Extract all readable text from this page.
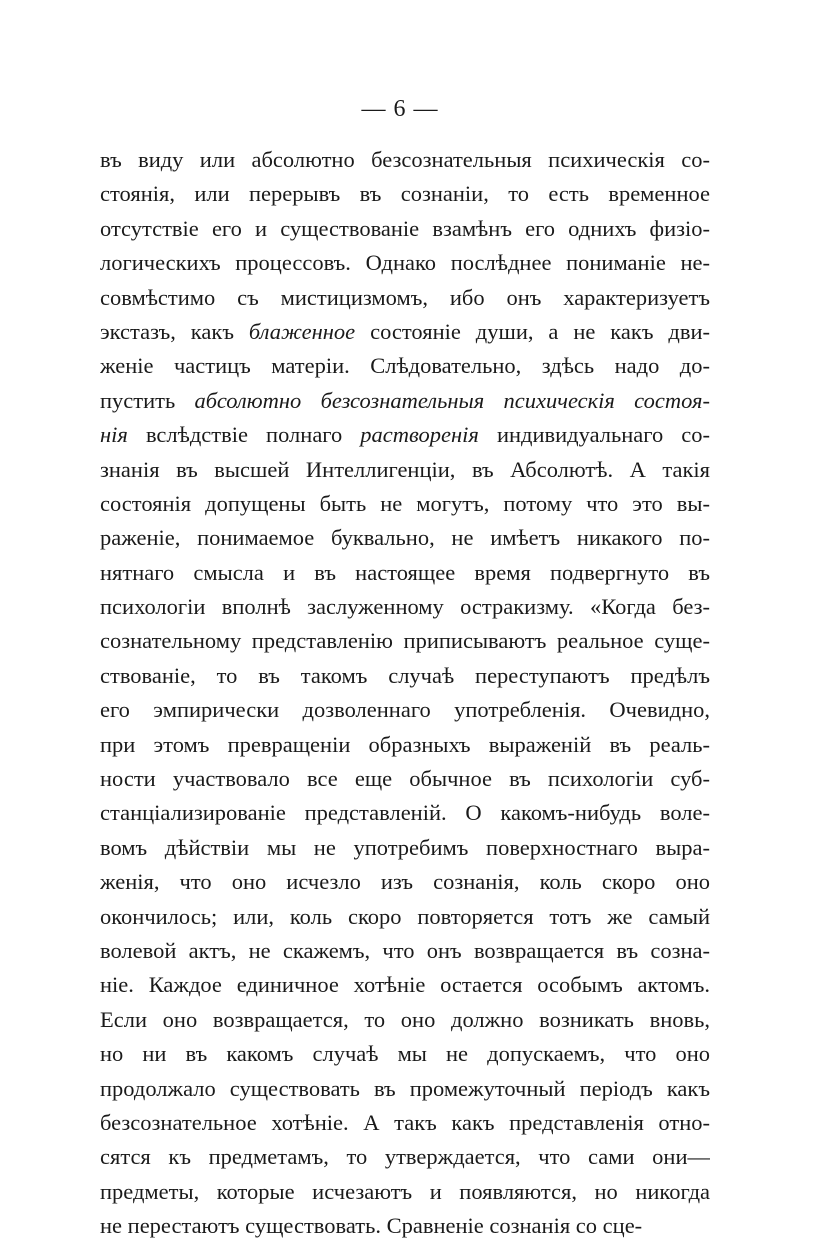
— 6 —
въ виду или абсолютно безсознательныя психическія со-
стоянія, или перерывъ въ сознаніи, то есть временное
отсутствіе его и существованіе взамѣнъ его однихъ физіо-
логическихъ процессовъ. Однако послѣднее пониманіе не-
совмѣстимо съ мистицизмомъ, ибо онъ характеризуетъ
экстазъ, какъ блаженное состояніе души, а не какъ дви-
женіе частицъ матеріи. Слѣдовательно, здѣсь надо до-
пустить абсолютно безсознательныя психическія состоя-
нія вслѣдствіе полнаго растворенія индивидуальнаго со-
знанія въ высшей Интеллигенціи, въ Абсолютѣ. А такія
состоянія допущены быть не могутъ, потому что это вы-
раженіе, понимаемое буквально, не имѣетъ никакого по-
нятнаго смысла и въ настоящее время подвергнуто въ
психологіи вполнѣ заслуженному остракизму. «Когда без-
сознательному представленію приписываютъ реальное суще-
ствованіе, то въ такомъ случаѣ переступаютъ предѣлъ
его эмпирически дозволеннаго употребленія. Очевидно,
при этомъ превращеніи образныхъ выраженій въ реаль-
ности участвовало все еще обычное въ психологіи суб-
станціализированіе представленій. О какомъ-нибудь воле-
вомъ дѣйствіи мы не употребимъ поверхностнаго выра-
женія, что оно исчезло изъ сознанія, коль скоро оно
окончилось; или, коль скоро повторяется тотъ же самый
волевой актъ, не скажемъ, что онъ возвращается въ созна-
ніе. Каждое единичное хотѣніе остается особымъ актомъ.
Если оно возвращается, то оно должно возникать вновь,
но ни въ какомъ случаѣ мы не допускаемъ, что оно
продолжало существовать въ промежуточный періодъ какъ
безсознательное хотѣніе. А такъ какъ представленія отно-
сятся къ предметамъ, то утверждается, что сами они—
предметы, которые исчезаютъ и появляются, но никогда
не перестаютъ существовать. Сравненіе сознанія со сце-
